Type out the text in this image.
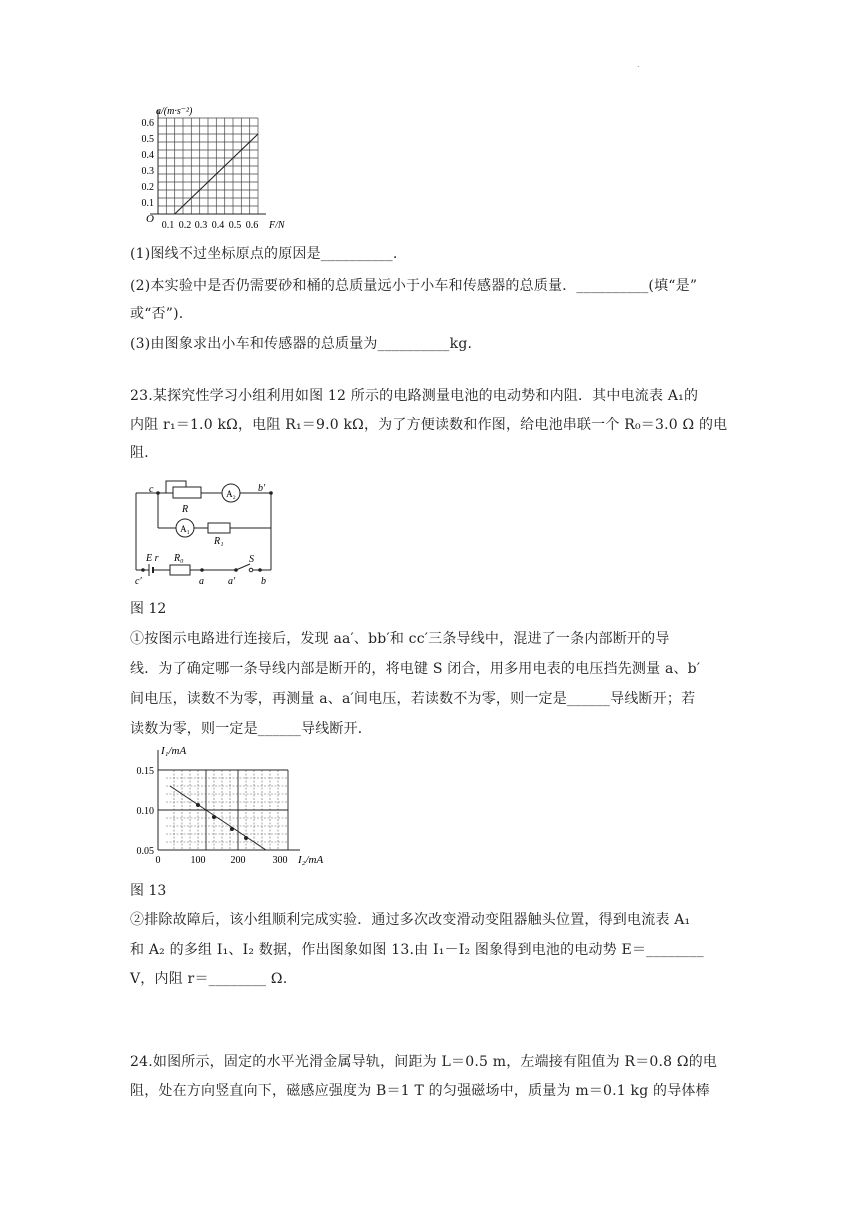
.
a/(m·s⁻²)
0.6
0.5
0.4
0.3
0.2
0.1
O
0.1 0.2 0.3 0.4 0.5 0.6 F/N
(1)图线不过坐标原点的原因是__________.
(2)本实验中是否仍需要砂和桶的总质量远小于小车和传感器的总质量．__________(填“是”
或“否”).
(3)由图象求出小车和传感器的总质量为__________kg.
23.某探究性学习小组利用如图 12 所示的电路测量电池的电动势和内阻．其中电流表 A₁的
内阻 r₁＝1.0 kΩ，电阻 R₁＝9.0 kΩ，为了方便读数和作图，给电池串联一个 R₀＝3.0 Ω 的电
阻．
c	b′
R
A₂
A₁
R₁
E r R₀	S
c′	a a′	b
图 12
①按图示电路进行连接后，发现 aa′、bb′和 cc′三条导线中，混进了一条内部断开的导
线．为了确定哪一条导线内部是断开的，将电键 S 闭合，用多用电表的电压挡先测量 a、b′
间电压，读数不为零，再测量 a、a′间电压，若读数不为零，则一定是______导线断开；若
读数为零，则一定是______导线断开．
I₁/mA
0.15
0.10
0.05
0	100	200	300 I₂/mA
图 13
②排除故障后，该小组顺利完成实验．通过多次改变滑动变阻器触头位置，得到电流表 A₁
和 A₂ 的多组 I₁、I₂ 数据，作出图象如图 13.由 I₁－I₂ 图象得到电池的电动势 E＝________
V，内阻 r＝________ Ω.
24.如图所示，固定的水平光滑金属导轨，间距为 L＝0.5 m，左端接有阻值为 R＝0.8 Ω的电
阻，处在方向竖直向下，磁感应强度为 B＝1 T 的匀强磁场中，质量为 m＝0.1 kg 的导体棒
